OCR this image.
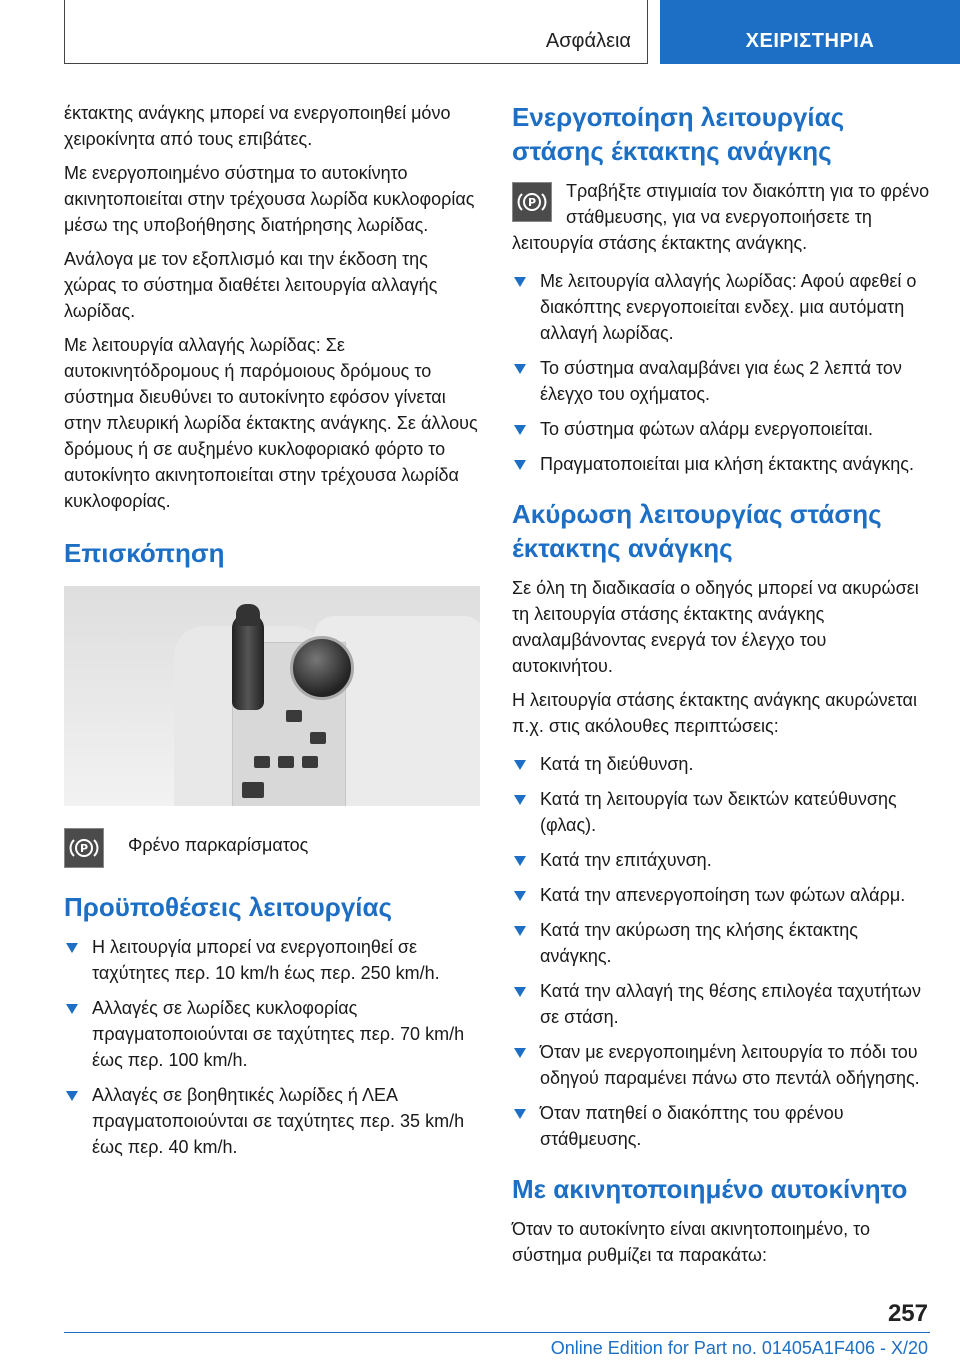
Ασφάλεια	ΧΕΙΡΙΣΤΗΡΙΑ

έκτακτης ανάγκης μπορεί να ενεργοποιηθεί μόνο χειροκίνητα από τους επιβάτες.

Με ενεργοποιημένο σύστημα το αυτοκίνητο ακινητοποιείται στην τρέχουσα λωρίδα κυκλοφορίας μέσω της υποβοήθησης διατήρησης λωρίδας.

Ανάλογα με τον εξοπλισμό και την έκδοση της χώρας το σύστημα διαθέτει λειτουργία αλλαγής λωρίδας.

Με λειτουργία αλλαγής λωρίδας: Σε αυτοκινητόδρομους ή παρόμοιους δρόμους το σύστημα διευθύνει το αυτοκίνητο εφόσον γίνεται στην πλευρική λωρίδα έκτακτης ανάγκης. Σε άλλους δρόμους ή σε αυξημένο κυκλοφοριακό φόρτο το αυτοκίνητο ακινητοποιείται στην τρέχουσα λωρίδα κυκλοφορίας.

Επισκόπηση
P Φρένο παρκαρίσματος
Προϋποθέσεις λειτουργίας
Η λειτουργία μπορεί να ενεργοποιηθεί σε ταχύτητες περ. 10 km/h έως περ. 250 km/h.
Αλλαγές σε λωρίδες κυκλοφορίας πραγματοποιούνται σε ταχύτητες περ. 70 km/h έως περ. 100 km/h.
Αλλαγές σε βοηθητικές λωρίδες ή ΛΕΑ πραγματοποιούνται σε ταχύτητες περ. 35 km/h έως περ. 40 km/h.
Ενεργοποίηση λειτουργίας στάσης έκτακτης ανάγκης
P

Τραβήξτε στιγμιαία τον διακόπτη για το φρένο στάθμευσης, για να ενεργοποιήσετε τη λειτουργία στάσης έκτακτης ανάγκης.

Με λειτουργία αλλαγής λωρίδας: Αφού αφεθεί ο διακόπτης ενεργοποιείται ενδεχ. μια αυτόματη αλλαγή λωρίδας.
Το σύστημα αναλαμβάνει για έως 2 λεπτά τον έλεγχο του οχήματος.
Το σύστημα φώτων αλάρμ ενεργοποιείται.
Πραγματοποιείται μια κλήση έκτακτης ανάγκης.
Ακύρωση λειτουργίας στάσης έκτακτης ανάγκης

Σε όλη τη διαδικασία ο οδηγός μπορεί να ακυρώσει τη λειτουργία στάσης έκτακτης ανάγκης αναλαμβάνοντας ενεργά τον έλεγχο του αυτοκινήτου.

Η λειτουργία στάσης έκτακτης ανάγκης ακυρώνεται π.χ. στις ακόλουθες περιπτώσεις:

Κατά τη διεύθυνση.
Κατά τη λειτουργία των δεικτών κατεύθυνσης (φλας).
Κατά την επιτάχυνση.
Κατά την απενεργοποίηση των φώτων αλάρμ.
Κατά την ακύρωση της κλήσης έκτακτης ανάγκης.
Κατά την αλλαγή της θέσης επιλογέα ταχυτήτων σε στάση.
Όταν με ενεργοποιημένη λειτουργία το πόδι του οδηγού παραμένει πάνω στο πεντάλ οδήγησης.
Όταν πατηθεί ο διακόπτης του φρένου στάθμευσης.
Με ακινητοποιημένο αυτοκίνητο

Όταν το αυτοκίνητο είναι ακινητοποιημένο, το σύστημα ρυθμίζει τα παρακάτω:

257
Online Edition for Part no. 01405A1F406 - X/20
